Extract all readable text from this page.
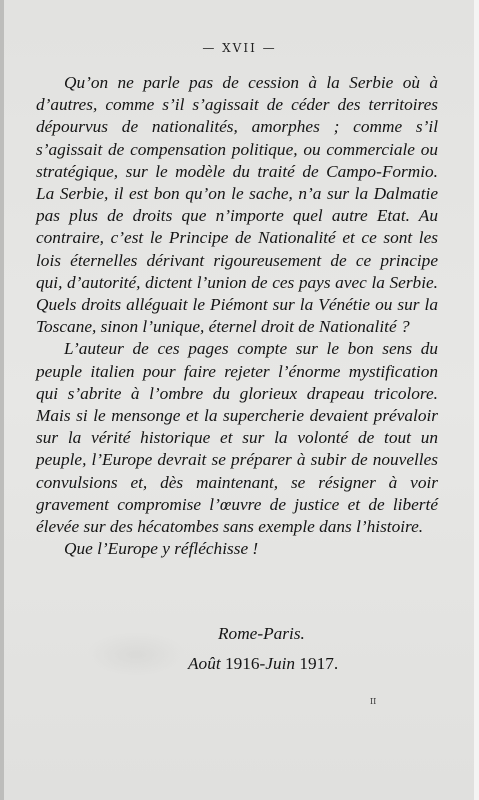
— XVII —

Qu’on ne parle pas de cession à la Serbie où à d’autres, comme s’il s’agissait de céder des territoires dépourvus de nationalités, amorphes ; comme s’il s’agissait de compensation politique, ou commerciale ou stratégique, sur le modèle du traité de Campo-Formio. La Serbie, il est bon qu’on le sache, n’a sur la Dalmatie pas plus de droits que n’importe quel autre Etat. Au contraire, c’est le Principe de Nationalité et ce sont les lois éternelles dérivant rigoureusement de ce principe qui, d’autorité, dictent l’union de ces pays avec la Serbie. Quels droits alléguait le Piémont sur la Vénétie ou sur la Toscane, sinon l’unique, éternel droit de Nationalité ?

L’auteur de ces pages compte sur le bon sens du peuple italien pour faire rejeter l’énorme mystification qui s’abrite à l’ombre du glorieux drapeau tricolore. Mais si le mensonge et la supercherie devaient prévaloir sur la vérité historique et sur la volonté de tout un peuple, l’Europe devrait se préparer à subir de nouvelles convulsions et, dès maintenant, se résigner à voir gravement compromise l’œuvre de justice et de liberté élevée sur des hécatombes sans exemple dans l’histoire.

Que l’Europe y réfléchisse !

Rome-Paris.
Août 1916-Juin 1917.
II
